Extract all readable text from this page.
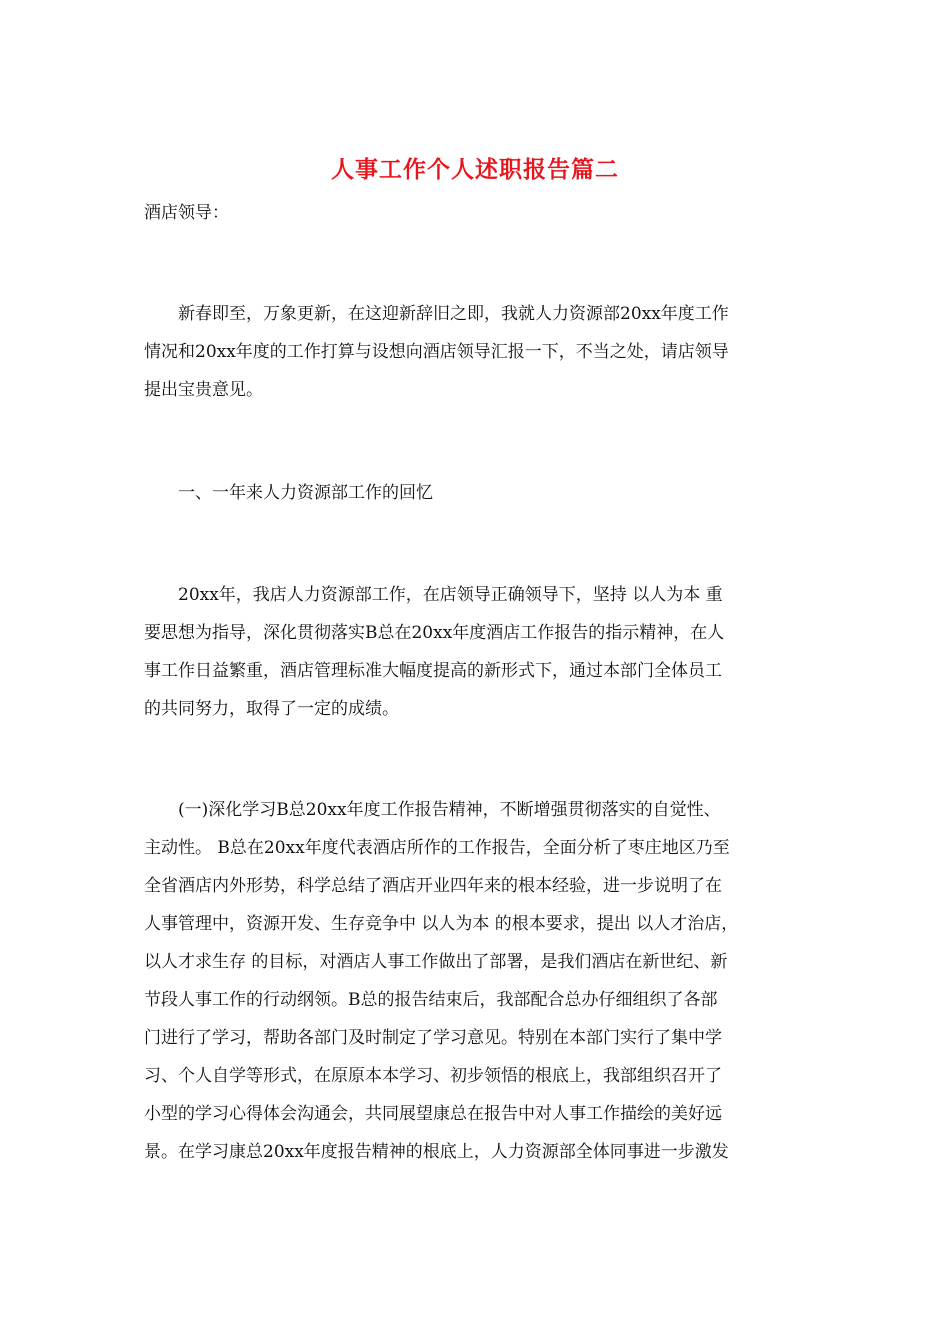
人事工作个人述职报告篇二
酒店领导：
　　新春即至，万象更新，在这迎新辞旧之即，我就人力资源部20xx年度工作
情况和20xx年度的工作打算与设想向酒店领导汇报一下，不当之处，请店领导
提出宝贵意见。
　　一、一年来人力资源部工作的回忆
　　20xx年，我店人力资源部工作，在店领导正确领导下，坚持 以人为本 重
要思想为指导，深化贯彻落实B总在20xx年度酒店工作报告的指示精神，在人
事工作日益繁重，酒店管理标准大幅度提高的新形式下，通过本部门全体员工
的共同努力，取得了一定的成绩。
　　(一)深化学习B总20xx年度工作报告精神，不断增强贯彻落实的自觉性、
主动性。 B总在20xx年度代表酒店所作的工作报告，全面分析了枣庄地区乃至
全省酒店内外形势，科学总结了酒店开业四年来的根本经验，进一步说明了在
人事管理中，资源开发、生存竞争中 以人为本 的根本要求，提出 以人才治店，
以人才求生存 的目标，对酒店人事工作做出了部署，是我们酒店在新世纪、新
节段人事工作的行动纲领。B总的报告结束后，我部配合总办仔细组织了各部
门进行了学习，帮助各部门及时制定了学习意见。特别在本部门实行了集中学
习、个人自学等形式，在原原本本学习、初步领悟的根底上，我部组织召开了
小型的学习心得体会沟通会，共同展望康总在报告中对人事工作描绘的美好远
景。在学习康总20xx年度报告精神的根底上，人力资源部全体同事进一步激发
